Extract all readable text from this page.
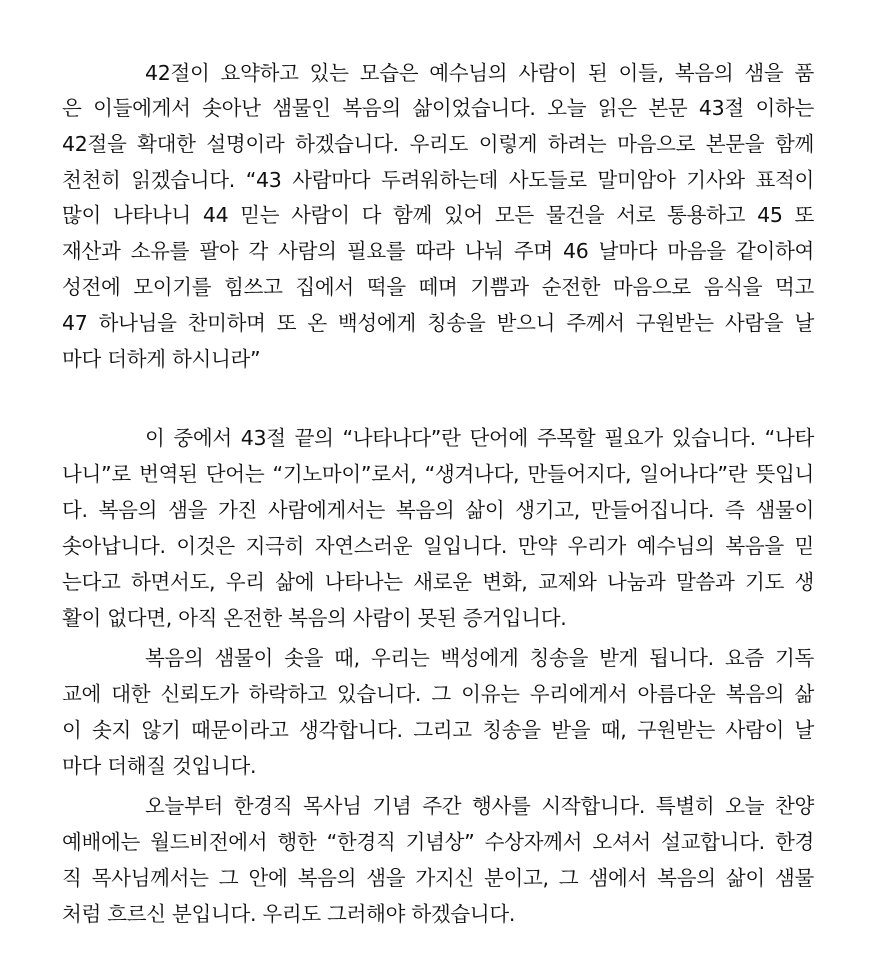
42절이 요약하고 있는 모습은 예수님의 사람이 된 이들, 복음의 샘을 품
은 이들에게서 솟아난 샘물인 복음의 삶이었습니다. 오늘 읽은 본문 43절 이하는
42절을 확대한 설명이라 하겠습니다. 우리도 이렇게 하려는 마음으로 본문을 함께
천천히 읽겠습니다. “43 사람마다 두려워하는데 사도들로 말미암아 기사와 표적이
많이 나타나니 44 믿는 사람이 다 함께 있어 모든 물건을 서로 통용하고 45 또
재산과 소유를 팔아 각 사람의 필요를 따라 나눠 주며 46 날마다 마음을 같이하여
성전에 모이기를 힘쓰고 집에서 떡을 떼며 기쁨과 순전한 마음으로 음식을 먹고
47 하나님을 찬미하며 또 온 백성에게 칭송을 받으니 주께서 구원받는 사람을 날
마다 더하게 하시니라”
이 중에서 43절 끝의 “나타나다”란 단어에 주목할 필요가 있습니다. “나타
나니”로 번역된 단어는 “기노마이”로서, “생겨나다, 만들어지다, 일어나다”란 뜻입니
다. 복음의 샘을 가진 사람에게서는 복음의 삶이 생기고, 만들어집니다. 즉 샘물이
솟아납니다. 이것은 지극히 자연스러운 일입니다. 만약 우리가 예수님의 복음을 믿
는다고 하면서도, 우리 삶에 나타나는 새로운 변화, 교제와 나눔과 말씀과 기도 생
활이 없다면, 아직 온전한 복음의 사람이 못된 증거입니다.
복음의 샘물이 솟을 때, 우리는 백성에게 칭송을 받게 됩니다. 요즘 기독
교에 대한 신뢰도가 하락하고 있습니다. 그 이유는 우리에게서 아름다운 복음의 삶
이 솟지 않기 때문이라고 생각합니다. 그리고 칭송을 받을 때, 구원받는 사람이 날
마다 더해질 것입니다.
오늘부터 한경직 목사님 기념 주간 행사를 시작합니다. 특별히 오늘 찬양
예배에는 월드비전에서 행한 “한경직 기념상” 수상자께서 오셔서 설교합니다. 한경
직 목사님께서는 그 안에 복음의 샘을 가지신 분이고, 그 샘에서 복음의 삶이 샘물
처럼 흐르신 분입니다. 우리도 그러해야 하겠습니다.
